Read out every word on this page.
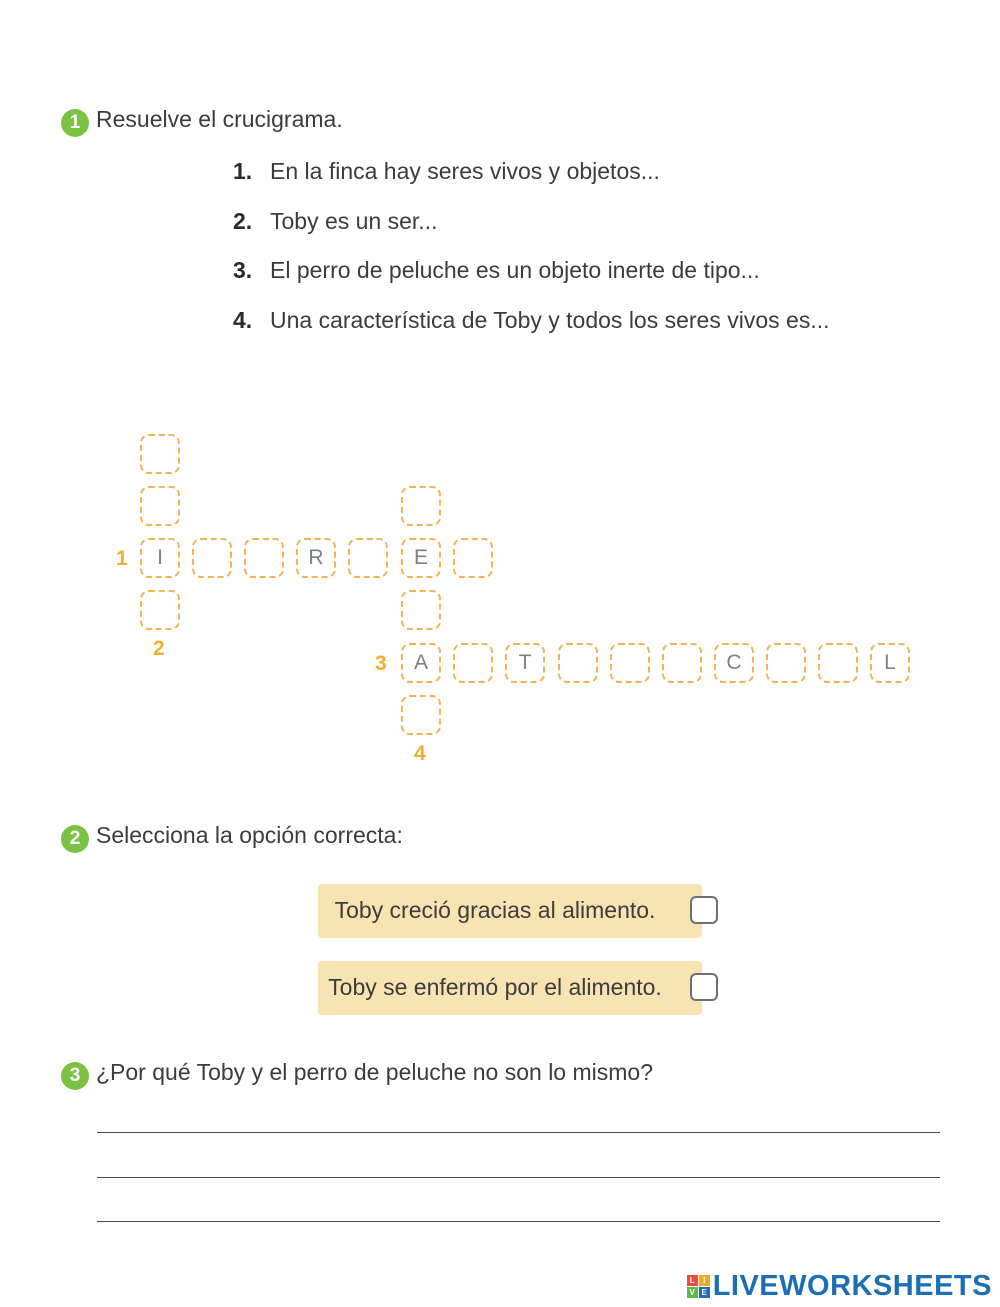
1 Resuelve el crucigrama.
1. En la finca hay seres vivos y objetos...
2. Toby es un ser...
3. El perro de peluche es un objeto inerte de tipo...
4. Una característica de Toby y todos los seres vivos es...
1
2
3
4
I	R	E
A	T	C	L
2 Selecciona la opción correcta:
Toby creció gracias al alimento.
Toby se enfermó por el alimento.
3 ¿Por qué Toby y el perro de peluche no son lo mismo?
L	I
V E LIVEWORKSHEETS
